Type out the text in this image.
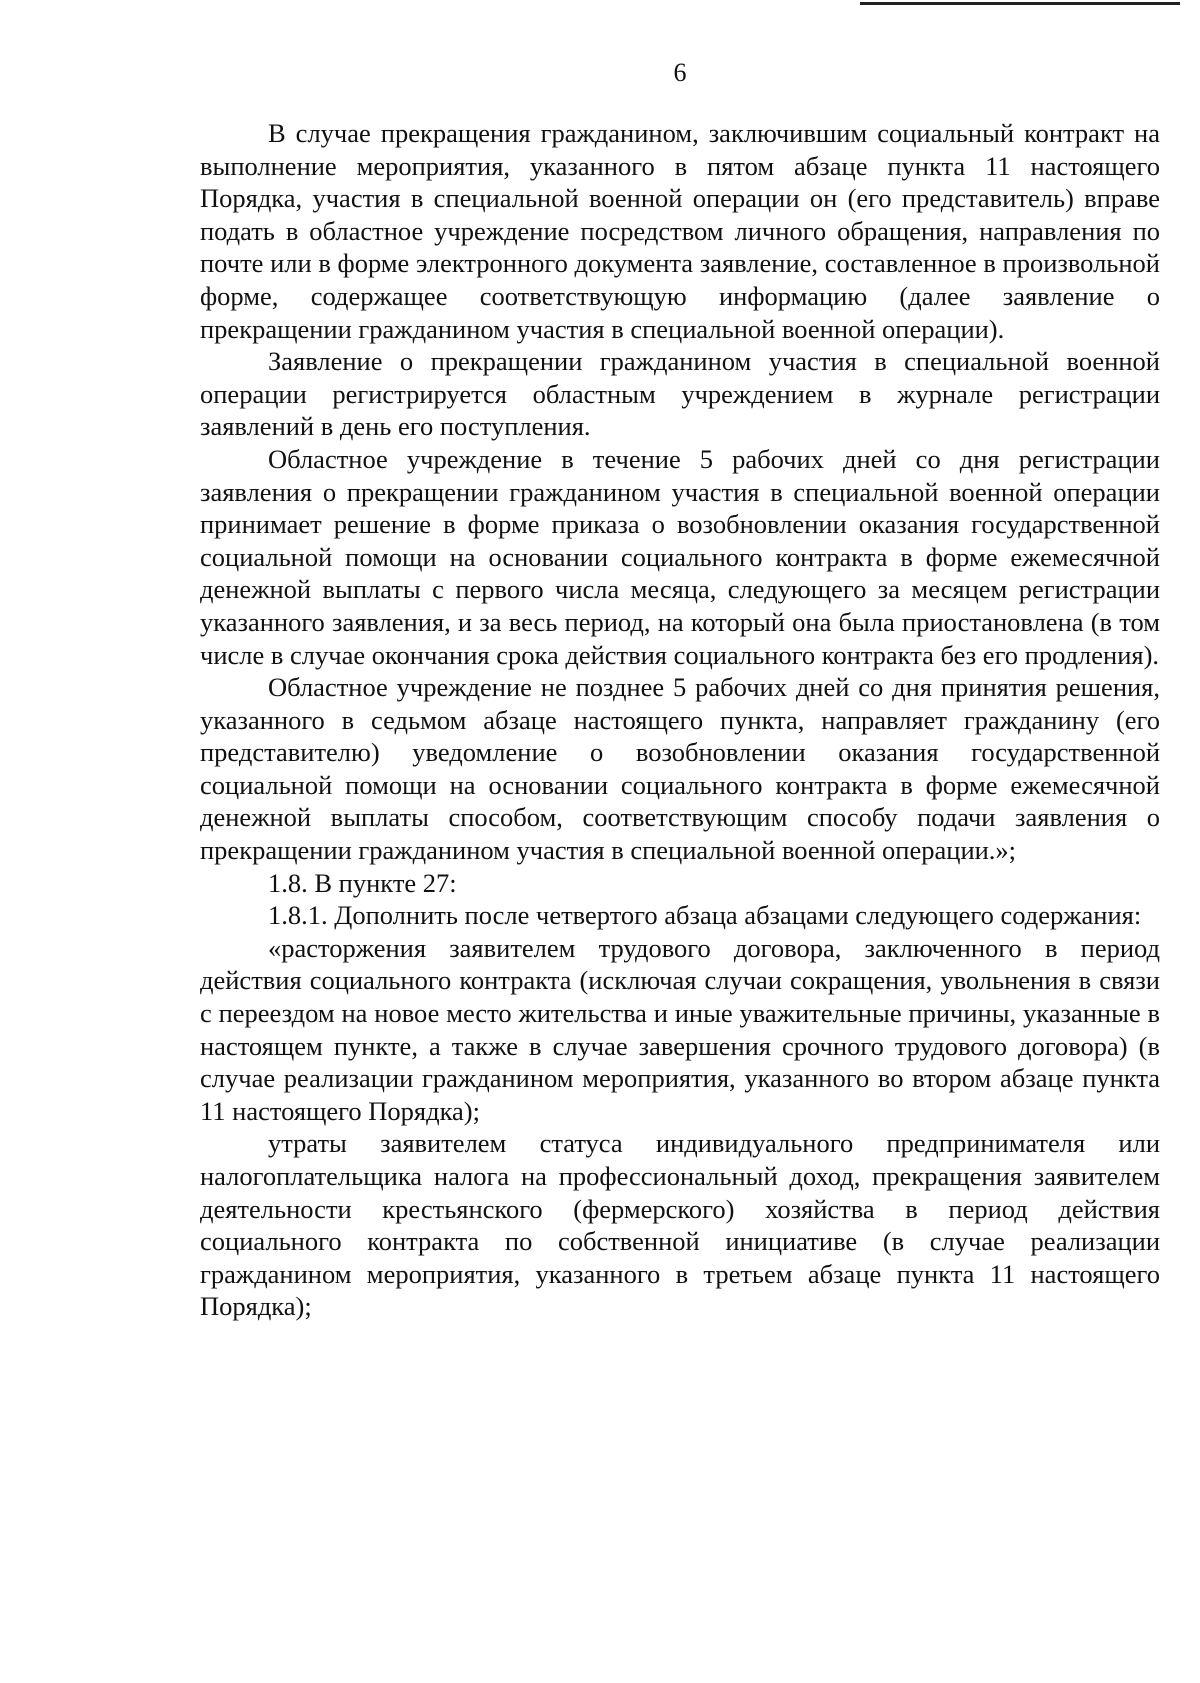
6

В случае прекращения гражданином, заключившим социальный контракт на выполнение мероприятия, указанного в пятом абзаце пункта 11 настоящего Порядка, участия в специальной военной операции он (его представитель) вправе подать в областное учреждение посредством личного обращения, направления по почте или в форме электронного документа заявление, составленное в произвольной форме, содержащее соответствующую информацию (далее заявление о прекращении гражданином участия в специальной военной операции).

Заявление о прекращении гражданином участия в специальной военной операции регистрируется областным учреждением в журнале регистрации заявлений в день его поступления.

Областное учреждение в течение 5 рабочих дней со дня регистрации заявления о прекращении гражданином участия в специальной военной операции принимает решение в форме приказа о возобновлении оказания государственной социальной помощи на основании социального контракта в форме ежемесячной денежной выплаты с первого числа месяца, следующего за месяцем регистрации указанного заявления, и за весь период, на который она была приостановлена (в том числе в случае окончания срока действия социального контракта без его продления).

Областное учреждение не позднее 5 рабочих дней со дня принятия решения, указанного в седьмом абзаце настоящего пункта, направляет гражданину (его представителю) уведомление о возобновлении оказания государственной социальной помощи на основании социального контракта в форме ежемесячной денежной выплаты способом, соответствующим способу подачи заявления о прекращении гражданином участия в специальной военной операции.»;

1.8. В пункте 27:

1.8.1. Дополнить после четвертого абзаца абзацами следующего содержания:

«расторжения заявителем трудового договора, заключенного в период действия социального контракта (исключая случаи сокращения, увольнения в связи с переездом на новое место жительства и иные уважительные причины, указанные в настоящем пункте, а также в случае завершения срочного трудового договора) (в случае реализации гражданином мероприятия, указанного во втором абзаце пункта 11 настоящего Порядка);

утраты заявителем статуса индивидуального предпринимателя или налогоплательщика налога на профессиональный доход, прекращения заявителем деятельности крестьянского (фермерского) хозяйства в период действия социального контракта по собственной инициативе (в случае реализации гражданином мероприятия, указанного в третьем абзаце пункта 11 настоящего Порядка);
